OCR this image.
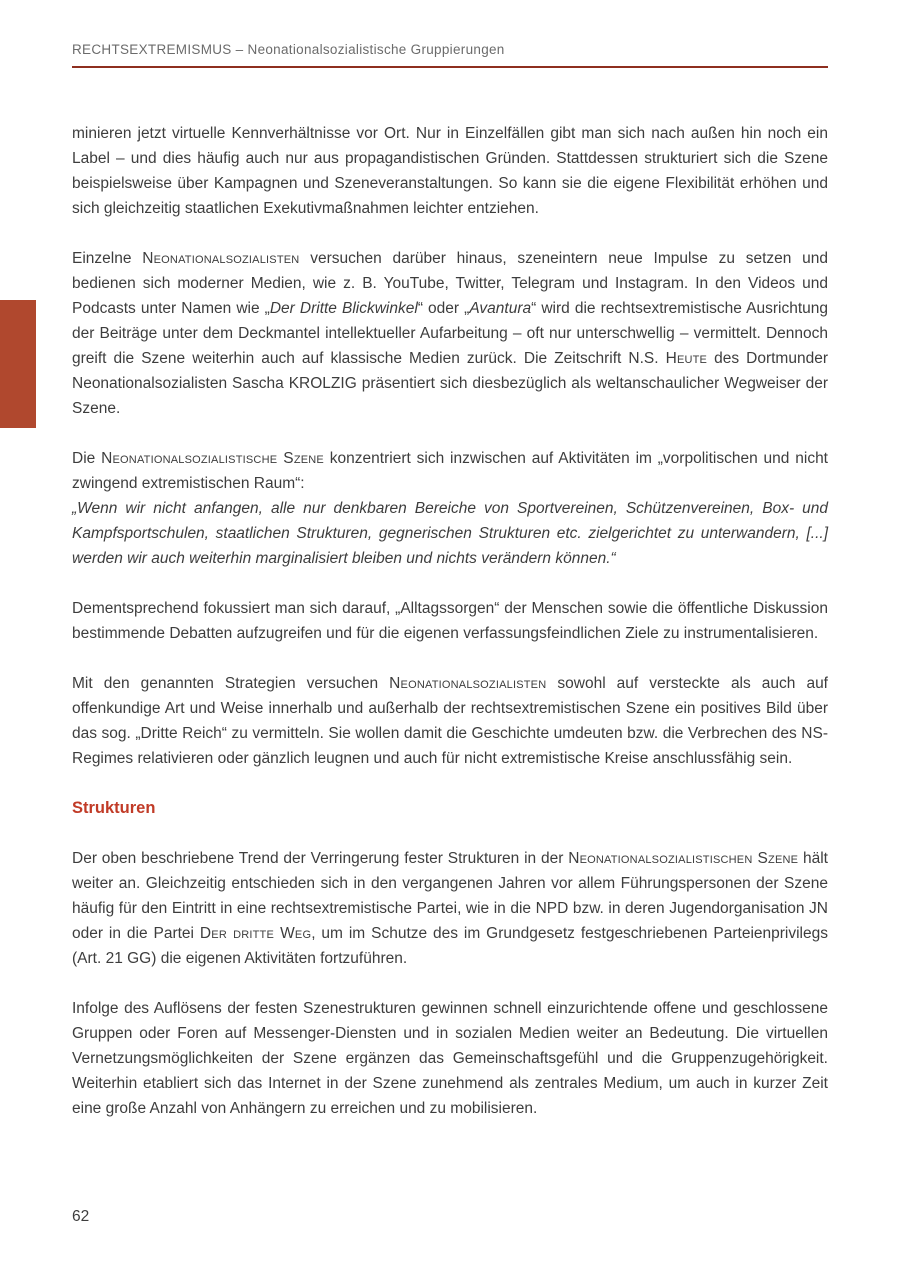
RECHTSEXTREMISMUS – Neonationalsozialistische Gruppierungen

minieren jetzt virtuelle Kennverhältnisse vor Ort. Nur in Einzelfällen gibt man sich nach außen hin noch ein Label – und dies häufig auch nur aus propagandistischen Gründen. Stattdessen strukturiert sich die Szene beispielsweise über Kampagnen und Szeneveranstaltungen. So kann sie die eigene Flexibilität erhöhen und sich gleichzeitig staatlichen Exekutivmaßnahmen leichter entziehen.

Einzelne Neonationalsozialisten versuchen darüber hinaus, szeneintern neue Impulse zu setzen und bedienen sich moderner Medien, wie z. B. YouTube, Twitter, Telegram und Instagram. In den Videos und Podcasts unter Namen wie „Der Dritte Blickwinkel“ oder „Avantura“ wird die rechtsextremistische Ausrichtung der Beiträge unter dem Deckmantel intellektueller Aufarbeitung – oft nur unterschwellig – vermittelt. Dennoch greift die Szene weiterhin auch auf klassische Medien zurück. Die Zeitschrift N.S. Heute des Dortmunder Neonationalsozialisten Sascha KROLZIG präsentiert sich diesbezüglich als weltanschaulicher Wegweiser der Szene.

Die Neonationalsozialistische Szene konzentriert sich inzwischen auf Aktivitäten im „vorpolitischen und nicht zwingend extremistischen Raum“:

„Wenn wir nicht anfangen, alle nur denkbaren Bereiche von Sportvereinen, Schützenvereinen, Box- und Kampfsportschulen, staatlichen Strukturen, gegnerischen Strukturen etc. zielgerichtet zu unterwandern, [...] werden wir auch weiterhin marginalisiert bleiben und nichts verändern können.“

Dementsprechend fokussiert man sich darauf, „Alltagssorgen“ der Menschen sowie die öffentliche Diskussion bestimmende Debatten aufzugreifen und für die eigenen verfassungsfeindlichen Ziele zu instrumentalisieren.

Mit den genannten Strategien versuchen Neonationalsozialisten sowohl auf versteckte als auch auf offenkundige Art und Weise innerhalb und außerhalb der rechtsextremistischen Szene ein positives Bild über das sog. „Dritte Reich“ zu vermitteln. Sie wollen damit die Geschichte umdeuten bzw. die Verbrechen des NS-Regimes relativieren oder gänzlich leugnen und auch für nicht extremistische Kreise anschlussfähig sein.

Strukturen

Der oben beschriebene Trend der Verringerung fester Strukturen in der Neonationalsozialistischen Szene hält weiter an. Gleichzeitig entschieden sich in den vergangenen Jahren vor allem Führungspersonen der Szene häufig für den Eintritt in eine rechtsextremistische Partei, wie in die NPD bzw. in deren Jugendorganisation JN oder in die Partei Der dritte Weg, um im Schutze des im Grundgesetz festgeschriebenen Parteienprivilegs (Art. 21 GG) die eigenen Aktivitäten fortzuführen.

Infolge des Auflösens der festen Szenestrukturen gewinnen schnell einzurichtende offene und geschlossene Gruppen oder Foren auf Messenger-Diensten und in sozialen Medien weiter an Bedeutung. Die virtuellen Vernetzungsmöglichkeiten der Szene ergänzen das Gemeinschaftsgefühl und die Gruppenzugehörigkeit. Weiterhin etabliert sich das Internet in der Szene zunehmend als zentrales Medium, um auch in kurzer Zeit eine große Anzahl von Anhängern zu erreichen und zu mobilisieren.

62
